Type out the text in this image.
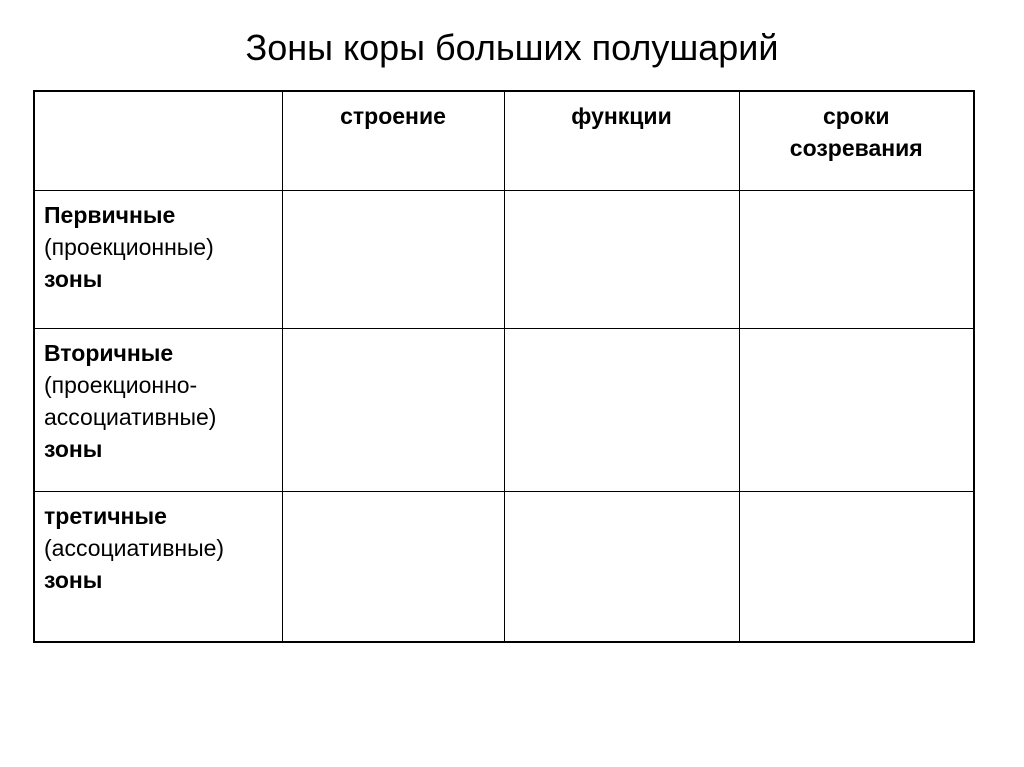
Зоны коры больших полушарий
	строение	функции	сроки
созревания

Первичные
(проекционные)
зоны			

Вторичные
(проекционно-
ассоциативные)
зоны			

третичные
(ассоциативные)
зоны			
